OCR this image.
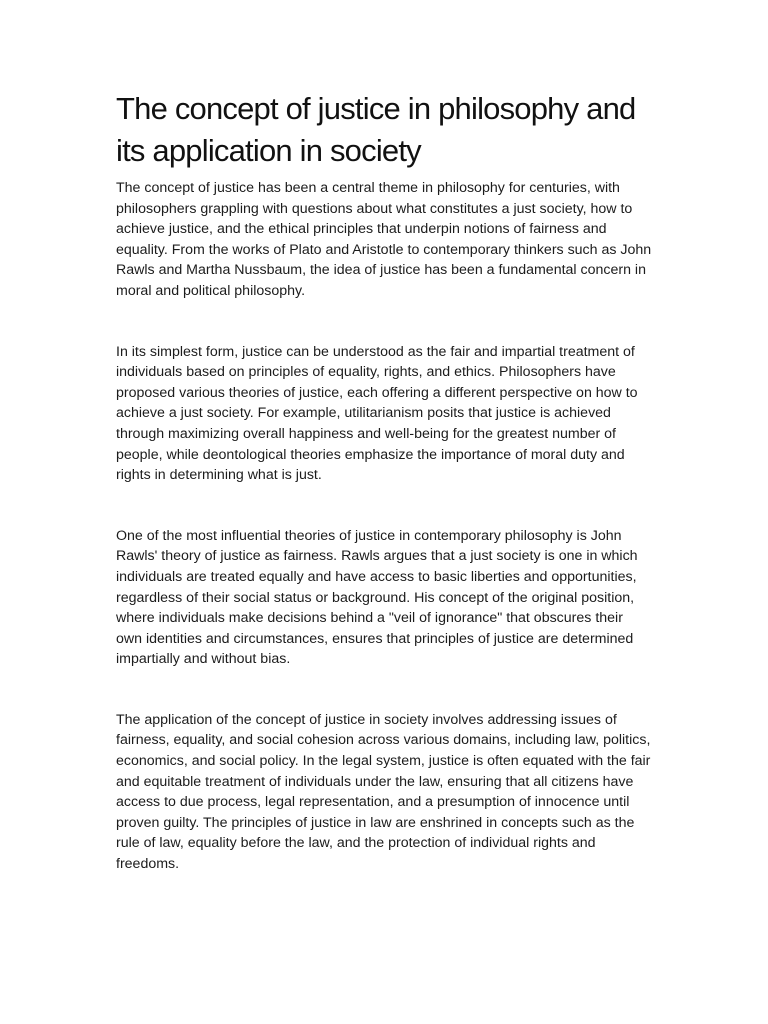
The concept of justice in philosophy and its application in society

The concept of justice has been a central theme in philosophy for centuries, with philosophers grappling with questions about what constitutes a just society, how to achieve justice, and the ethical principles that underpin notions of fairness and equality. From the works of Plato and Aristotle to contemporary thinkers such as John Rawls and Martha Nussbaum, the idea of justice has been a fundamental concern in moral and political philosophy.

In its simplest form, justice can be understood as the fair and impartial treatment of individuals based on principles of equality, rights, and ethics. Philosophers have proposed various theories of justice, each offering a different perspective on how to achieve a just society. For example, utilitarianism posits that justice is achieved through maximizing overall happiness and well-being for the greatest number of people, while deontological theories emphasize the importance of moral duty and rights in determining what is just.

One of the most influential theories of justice in contemporary philosophy is John Rawls' theory of justice as fairness. Rawls argues that a just society is one in which individuals are treated equally and have access to basic liberties and opportunities, regardless of their social status or background. His concept of the original position, where individuals make decisions behind a "veil of ignorance" that obscures their own identities and circumstances, ensures that principles of justice are determined impartially and without bias.

The application of the concept of justice in society involves addressing issues of fairness, equality, and social cohesion across various domains, including law, politics, economics, and social policy. In the legal system, justice is often equated with the fair and equitable treatment of individuals under the law, ensuring that all citizens have access to due process, legal representation, and a presumption of innocence until proven guilty. The principles of justice in law are enshrined in concepts such as the rule of law, equality before the law, and the protection of individual rights and freedoms.
